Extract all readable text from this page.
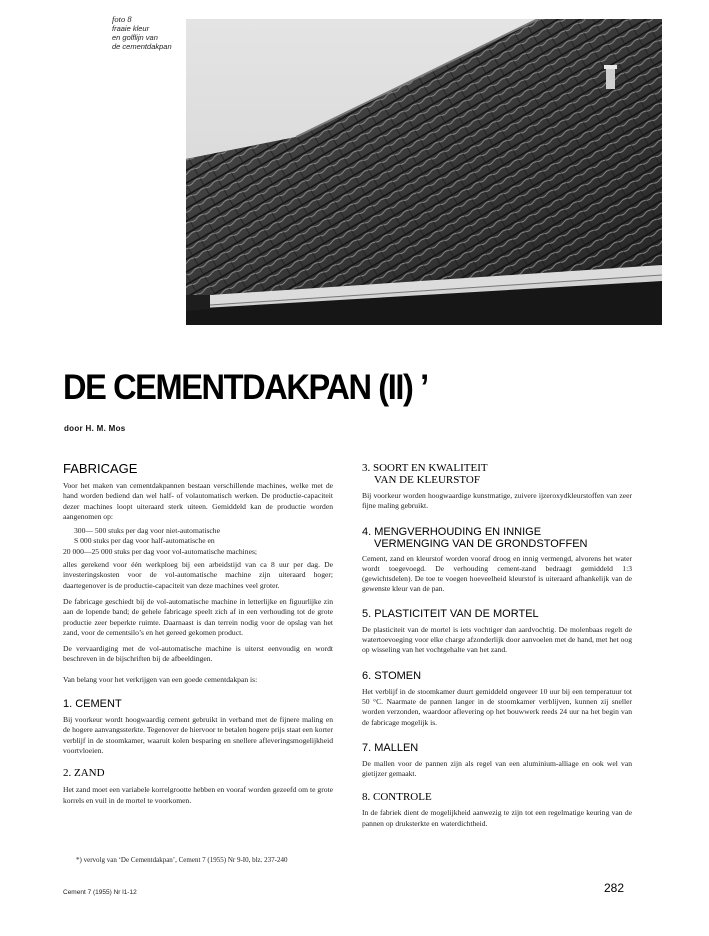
foto 8
fraaie kleur
en golflijn van
de cementdakpan
DE CEMENTDAKPAN (II) ’

door H. M. Mos

FABRICAGE

Voor het maken van cementdakpannen bestaan verschillende machines, welke met de hand worden bediend dan wel half- of volautomatisch werken. De productie-capaciteit dezer machines loopt uiteraard sterk uiteen. Gemiddeld kan de productie worden aangenomen op:

300— 500 stuks per dag voor niet-automatische
S 000 stuks per dag voor half-automatische en
20 000—25 000 stuks per dag voor vol-automatische machines;

alles gerekend voor één werkploeg bij een arbeidstijd van ca 8 uur per dag. De investeringskosten voor de vol-automatische machine zijn uiteraard hoger; daartegenover is de productie-capaciteit van deze machines veel groter.

De fabricage geschiedt bij de vol-automatische machine in letterlijke en figuurlijke zin aan de lopende band; de gehele fabricage speelt zich af in een verhouding tot de grote productie zeer beperkte ruimte. Daarnaast is dan terrein nodig voor de opslag van het zand, voor de cementsilo’s en het gereed gekomen product.

De vervaardiging met de vol-automatische machine is uiterst eenvoudig en wordt beschreven in de bijschriften bij de afbeeldingen.

Van belang voor het verkrijgen van een goede cementdakpan is:

1. CEMENT

Bij voorkeur wordt hoogwaardig cement gebruikt in verband met de fijnere maling en de hogere aanvangssterkte. Tegenover de hiervoor te betalen hogere prijs staat een korter verblijf in de stoomkamer, waaruit kolen besparing en snellere afleveringsmogelijkheid voortvloeien.

2. ZAND

Het zand moet een variabele korrelgrootte hebben en vooraf worden gezeefd om te grote korrels en vuil in de mortel te voorkomen.

*) vervolg van ‘De Cementdakpan’, Cement 7 (1955) Nr 9-I0, blz. 237-240
3. SOORT EN KWALITEIT
VAN DE KLEURSTOF

Bij voorkeur worden hoogwaardige kunstmatige, zuivere ijzeroxydkleurstoffen van zeer fijne maling gebruikt.

4. MENGVERHOUDING EN INNIGE
VERMENGING VAN DE GRONDSTOFFEN

Cement, zand en kleurstof worden vooraf droog en innig vermengd, alvorens het water wordt toegevoegd. De verhouding cement-zand bedraagt gemiddeld 1:3 (gewichtsdelen). De toe te voegen hoeveelheid kleurstof is uiteraard afhankelijk van de gewenste kleur van de pan.

5. PLASTICITEIT VAN DE MORTEL

De plasticiteit van de mortel is iets vochtiger dan aardvochtig. De molenbaas regelt de watertoevoeging voor elke charge afzonderlijk door aanvoelen met de hand, met het oog op wisseling van het vochtgehalte van het zand.

6. STOMEN

Het verblijf in de stoomkamer duurt gemiddeld ongeveer 10 uur bij een temperatuur tot 50 °C. Naarmate de pannen langer in de stoomkamer verblijven, kunnen zij sneller worden verzonden, waardoor aflevering op het bouwwerk reeds 24 uur na het begin van de fabricage mogelijk is.

7. MALLEN

De mallen voor de pannen zijn als regel van een aluminium-alliage en ook wel van gietijzer gemaakt.

8. CONTROLE

In de fabriek dient de mogelijkheid aanwezig te zijn tot een regelmatige keuring van de pannen op druksterkte en waterdichtheid.

Cement 7 (1955) Nr l1-12	282
